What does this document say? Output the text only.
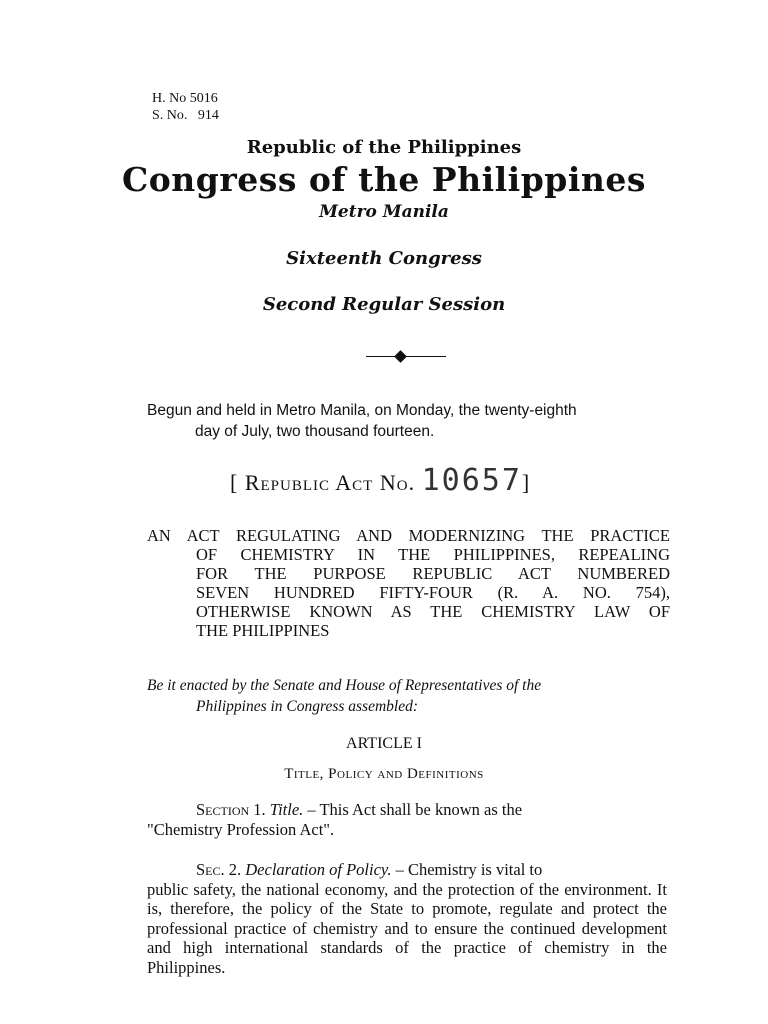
H. No 5016
S. No.   914
Republic of the Philippines
Congress of the Philippines
Metro Manila
Sixteenth Congress
Second Regular Session
Begun and held in Metro Manila, on Monday, the twenty-eighth
day of July, two thousand fourteen.
[ Republic Act No. 10657]
AN ACT REGULATING AND MODERNIZING THE PRACTICE
OF CHEMISTRY IN THE PHILIPPINES, REPEALING
FOR THE PURPOSE REPUBLIC ACT NUMBERED
SEVEN HUNDRED FIFTY-FOUR (R. A. NO. 754),
OTHERWISE KNOWN AS THE CHEMISTRY LAW OF
THE PHILIPPINES
Be it enacted by the Senate and House of Representatives of the
Philippines in Congress assembled:
ARTICLE I
Title, Policy and Definitions
Section 1. Title. – This Act shall be known as the
"Chemistry Profession Act".
Sec. 2. Declaration of Policy. – Chemistry is vital to
public safety, the national economy, and the protection of the environment. It is, therefore, the policy of the State to promote, regulate and protect the professional practice of chemistry and to ensure the continued development and high international standards of the practice of chemistry in the Philippines.
